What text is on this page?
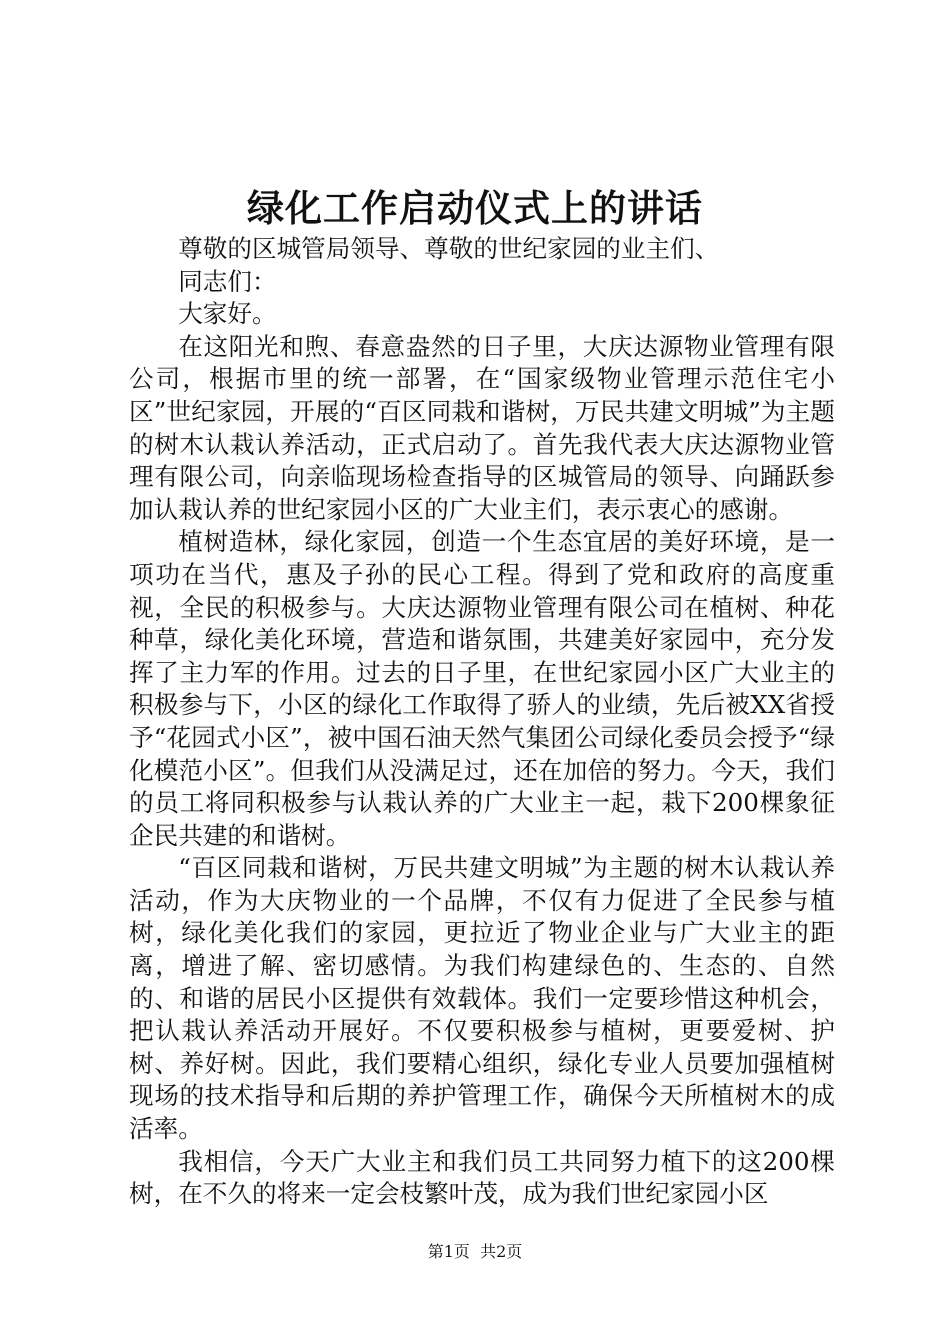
绿化工作启动仪式上的讲话

尊敬的区城管局领导、尊敬的世纪家园的业主们、

同志们：

大家好。

在这阳光和煦、春意盎然的日子里，大庆达源物业管理有限公司，根据市里的统一部署，在“国家级物业管理示范住宅小区”世纪家园，开展的“百区同栽和谐树，万民共建文明城”为主题的树木认栽认养活动，正式启动了。首先我代表大庆达源物业管理有限公司，向亲临现场检查指导的区城管局的领导、向踊跃参加认栽认养的世纪家园小区的广大业主们，表示衷心的感谢。

植树造林，绿化家园，创造一个生态宜居的美好环境，是一项功在当代，惠及子孙的民心工程。得到了党和政府的高度重视，全民的积极参与。大庆达源物业管理有限公司在植树、种花种草，绿化美化环境，营造和谐氛围，共建美好家园中，充分发挥了主力军的作用。过去的日子里，在世纪家园小区广大业主的积极参与下，小区的绿化工作取得了骄人的业绩，先后被XX省授予“花园式小区”，被中国石油天然气集团公司绿化委员会授予“绿化模范小区”。但我们从没满足过，还在加倍的努力。今天，我们的员工将同积极参与认栽认养的广大业主一起，栽下200棵象征企民共建的和谐树。

“百区同栽和谐树，万民共建文明城”为主题的树木认栽认养活动，作为大庆物业的一个品牌，不仅有力促进了全民参与植树，绿化美化我们的家园，更拉近了物业企业与广大业主的距离，增进了解、密切感情。为我们构建绿色的、生态的、自然的、和谐的居民小区提供有效载体。我们一定要珍惜这种机会，把认栽认养活动开展好。不仅要积极参与植树，更要爱树、护树、养好树。因此，我们要精心组织，绿化专业人员要加强植树现场的技术指导和后期的养护管理工作，确保今天所植树木的成活率。

我相信，今天广大业主和我们员工共同努力植下的这200棵树，在不久的将来一定会枝繁叶茂，成为我们世纪家园小区

第1页  共2页
